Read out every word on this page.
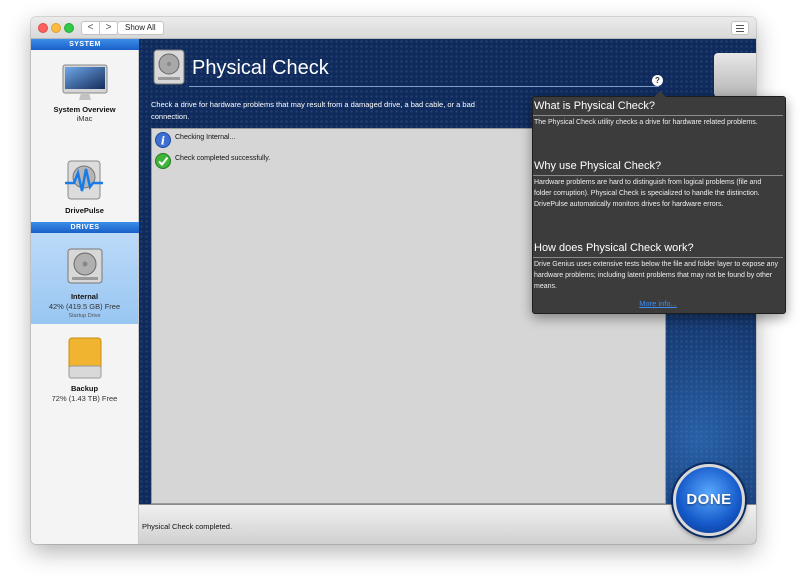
<	>	Show All
SYSTEM
System Overview
iMac
DrivePulse
DRIVES
Internal
42% (419.5 GB) Free
Startup Drive
Backup
72% (1.43 TB) Free
Physical Check
?
Check a drive for hardware problems that may result from a damaged drive, a bad cable, or a bad connection.
i Checking Internal...
Check completed successfully.
Physical Check completed.
DONE
What is Physical Check?
The Physical Check utility checks a drive for hardware related problems.
Why use Physical Check?
Hardware problems are hard to distinguish from logical problems (file and folder corruption). Physical Check is specialized to handle the distinction. DrivePulse automatically monitors drives for hardware errors.
How does Physical Check work?
Drive Genius uses extensive tests below the file and folder layer to expose any hardware problems; including latent problems that may not be found by other means.
More info...
